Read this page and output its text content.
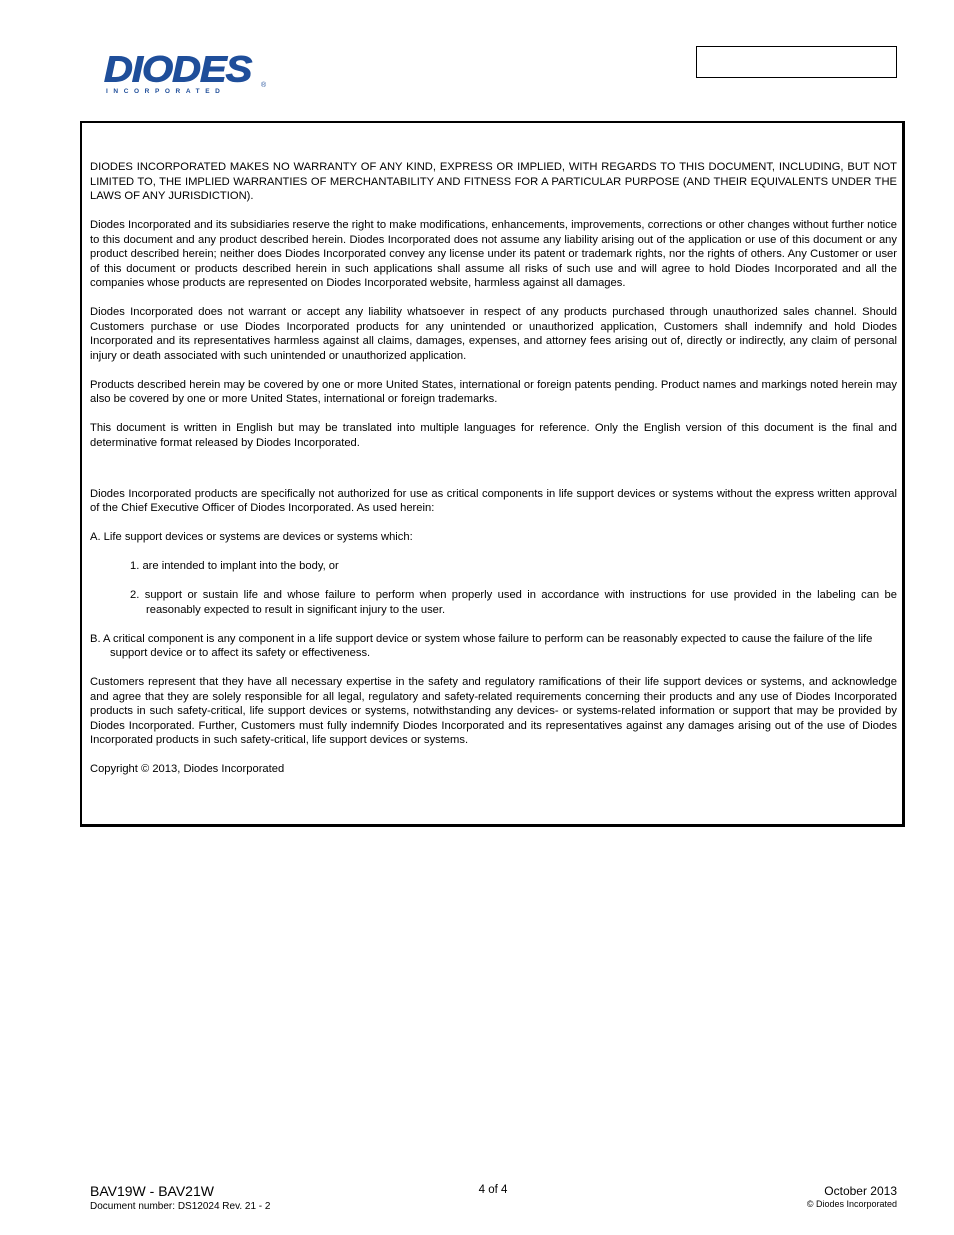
DIODES
INCORPORATED
®

DIODES INCORPORATED MAKES NO WARRANTY OF ANY KIND, EXPRESS OR IMPLIED, WITH REGARDS TO THIS DOCUMENT, INCLUDING, BUT NOT LIMITED TO, THE IMPLIED WARRANTIES OF MERCHANTABILITY AND FITNESS FOR A PARTICULAR PURPOSE (AND THEIR EQUIVALENTS UNDER THE LAWS OF ANY JURISDICTION).

Diodes Incorporated and its subsidiaries reserve the right to make modifications, enhancements, improvements, corrections or other changes without further notice to this document and any product described herein. Diodes Incorporated does not assume any liability arising out of the application or use of this document or any product described herein; neither does Diodes Incorporated convey any license under its patent or trademark rights, nor the rights of others. Any Customer or user of this document or products described herein in such applications shall assume all risks of such use and will agree to hold Diodes Incorporated and all the companies whose products are represented on Diodes Incorporated website, harmless against all damages.

Diodes Incorporated does not warrant or accept any liability whatsoever in respect of any products purchased through unauthorized sales channel. Should Customers purchase or use Diodes Incorporated products for any unintended or unauthorized application, Customers shall indemnify and hold Diodes Incorporated and its representatives harmless against all claims, damages, expenses, and attorney fees arising out of, directly or indirectly, any claim of personal injury or death associated with such unintended or unauthorized application.

Products described herein may be covered by one or more United States, international or foreign patents pending. Product names and markings noted herein may also be covered by one or more United States, international or foreign trademarks.

This document is written in English but may be translated into multiple languages for reference. Only the English version of this document is the final and determinative format released by Diodes Incorporated.

Diodes Incorporated products are specifically not authorized for use as critical components in life support devices or systems without the express written approval of the Chief Executive Officer of Diodes Incorporated. As used herein:

A. Life support devices or systems are devices or systems which:
1. are intended to implant into the body, or
2. support or sustain life and whose failure to perform when properly used in accordance with instructions for use provided in the labeling can be reasonably expected to result in significant injury to the user.
B. A critical component is any component in a life support device or system whose failure to perform can be reasonably expected to cause the failure of the life support device or to affect its safety or effectiveness.

Customers represent that they have all necessary expertise in the safety and regulatory ramifications of their life support devices or systems, and acknowledge and agree that they are solely responsible for all legal, regulatory and safety-related requirements concerning their products and any use of Diodes Incorporated products in such safety-critical, life support devices or systems, notwithstanding any devices- or systems-related information or support that may be provided by Diodes Incorporated. Further, Customers must fully indemnify Diodes Incorporated and its representatives against any damages arising out of the use of Diodes Incorporated products in such safety-critical, life support devices or systems.

Copyright © 2013, Diodes Incorporated

BAV19W - BAV21W
Document number: DS12024 Rev. 21 - 2
4 of 4	October 2013
© Diodes Incorporated
